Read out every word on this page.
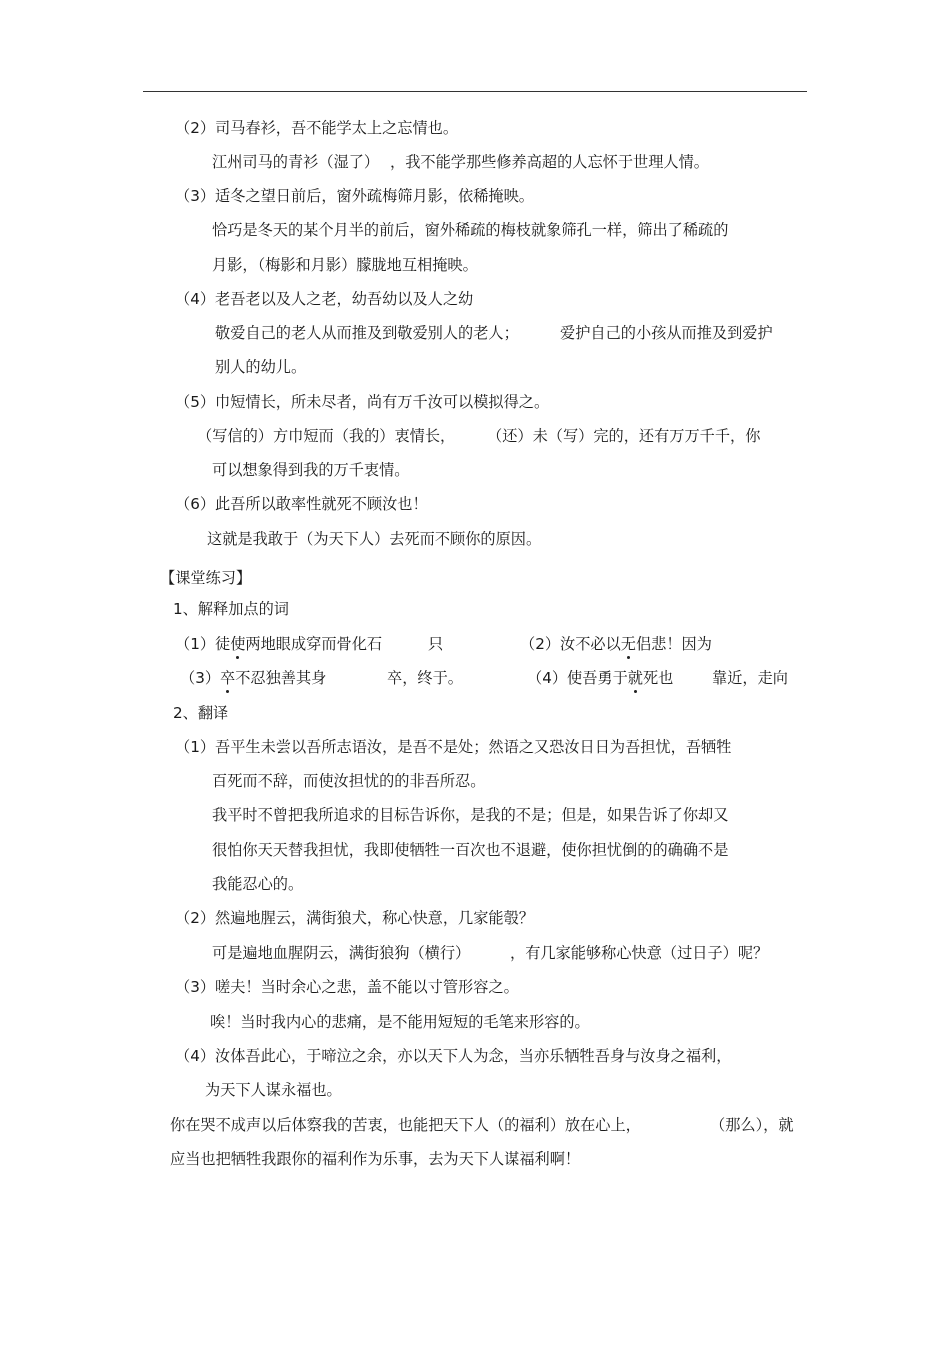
（2）司马春衫，吾不能学太上之忘情也。
江州司马的青衫（湿了） ，我不能学那些修养高超的人忘怀于世理人情。
（3）适冬之望日前后，窗外疏梅筛月影，依稀掩映。
恰巧是冬天的某个月半的前后，窗外稀疏的梅枝就象筛孔一样，筛出了稀疏的
月影，（梅影和月影）朦胧地互相掩映。
（4）老吾老以及人之老，幼吾幼以及人之幼
敬爱自己的老人从而推及到敬爱别人的老人；	爱护自己的小孩从而推及到爱护
别人的幼儿。
（5）巾短情长，所未尽者，尚有万千汝可以模拟得之。
（写信的）方巾短而（我的）衷情长， （还）未（写）完的，还有万万千千，你
可以想象得到我的万千衷情。
（6）此吾所以敢率性就死不顾汝也！
这就是我敢于（为天下人）去死而不顾你的原因。
【课堂练习】
1、解释加点的词
（1）徒使两地眼成穿而骨化石	只	（2）汝不必以无侣悲！因为
（3）卒不忍独善其身	卒，终于。	（4）使吾勇于就死也	靠近，走向
2、翻译
（1）吾平生未尝以吾所志语汝，是吾不是处；然语之又恐汝日日为吾担忧，吾牺牲
百死而不辞，而使汝担忧的的非吾所忍。
我平时不曾把我所追求的目标告诉你，是我的不是；但是，如果告诉了你却又
很怕你天天替我担忧，我即使牺牲一百次也不退避，使你担忧倒的的确确不是
我能忍心的。
（2）然遍地腥云，满街狼犬，称心快意，几家能彀？
可是遍地血腥阴云，满街狼狗（横行）	，有几家能够称心快意（过日子）呢？
（3）嗟夫！当时余心之悲，盖不能以寸管形容之。
唉！当时我内心的悲痛，是不能用短短的毛笔来形容的。
（4）汝体吾此心，于啼泣之余，亦以天下人为念，当亦乐牺牲吾身与汝身之福利，
为天下人谋永福也。
你在哭不成声以后体察我的苦衷，也能把天下人（的福利）放在心上，	（那么），就
应当也把牺牲我跟你的福利作为乐事，去为天下人谋福利啊！
